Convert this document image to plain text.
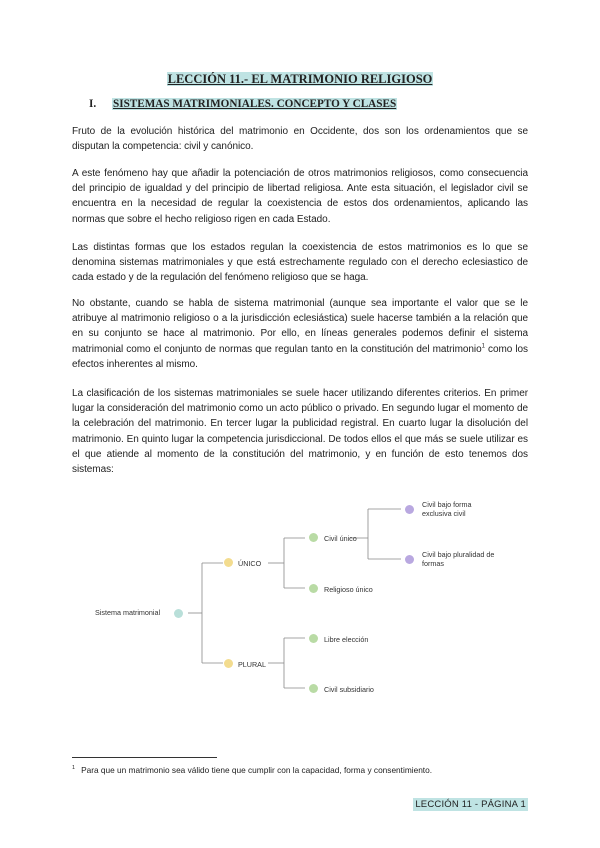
LECCIÓN 11.- EL MATRIMONIO RELIGIOSO
I. SISTEMAS MATRIMONIALES. CONCEPTO Y CLASES

Fruto de la evolución histórica del matrimonio en Occidente, dos son los ordenamientos que se disputan la competencia: civil y canónico.

A este fenómeno hay que añadir la potenciación de otros matrimonios religiosos, como consecuencia del principio de igualdad y del principio de libertad religiosa. Ante esta situación, el legislador civil se encuentra en la necesidad de regular la coexistencia de estos dos ordenamientos, aplicando las normas que sobre el hecho religioso rigen en cada Estado.

Las distintas formas que los estados regulan la coexistencia de estos matrimonios es lo que se denomina sistemas matrimoniales y que está estrechamente regulado con el derecho eclesiastico de cada estado y de la regulación del fenómeno religioso que se haga.

No obstante, cuando se habla de sistema matrimonial (aunque sea importante el valor que se le atribuye al matrimonio religioso o a la jurisdicción eclesiástica) suele hacerse también a la relación que en su conjunto se hace al matrimonio. Por ello, en líneas generales podemos definir el sistema matrimonial como el conjunto de normas que regulan tanto en la constitución del matrimonio$^1$ como los efectos inherentes al mismo.

La clasificación de los sistemas matrimoniales se suele hacer utilizando diferentes criterios. En primer lugar la consideración del matrimonio como un acto público o privado. En segundo lugar el momento de la celebración del matrimonio. En tercer lugar la publicidad registral. En cuarto lugar la disolución del matrimonio. En quinto lugar la competencia jurisdiccional. De todos ellos el que más se suele utilizar es el que atiende al momento de la constitución del matrimonio, y en función de esto tenemos dos sistemas:

Sistema matrimonial
ÚNICO
PLURAL
Civil único
Religioso único
Libre elección
Civil subsidiario
Civil bajo forma exclusiva civil
Civil bajo pluralidad de formas
$^1$ Para que un matrimonio sea válido tiene que cumplir con la capacidad, forma y consentimiento.
LECCIÓN 11 - PÁGINA 1
